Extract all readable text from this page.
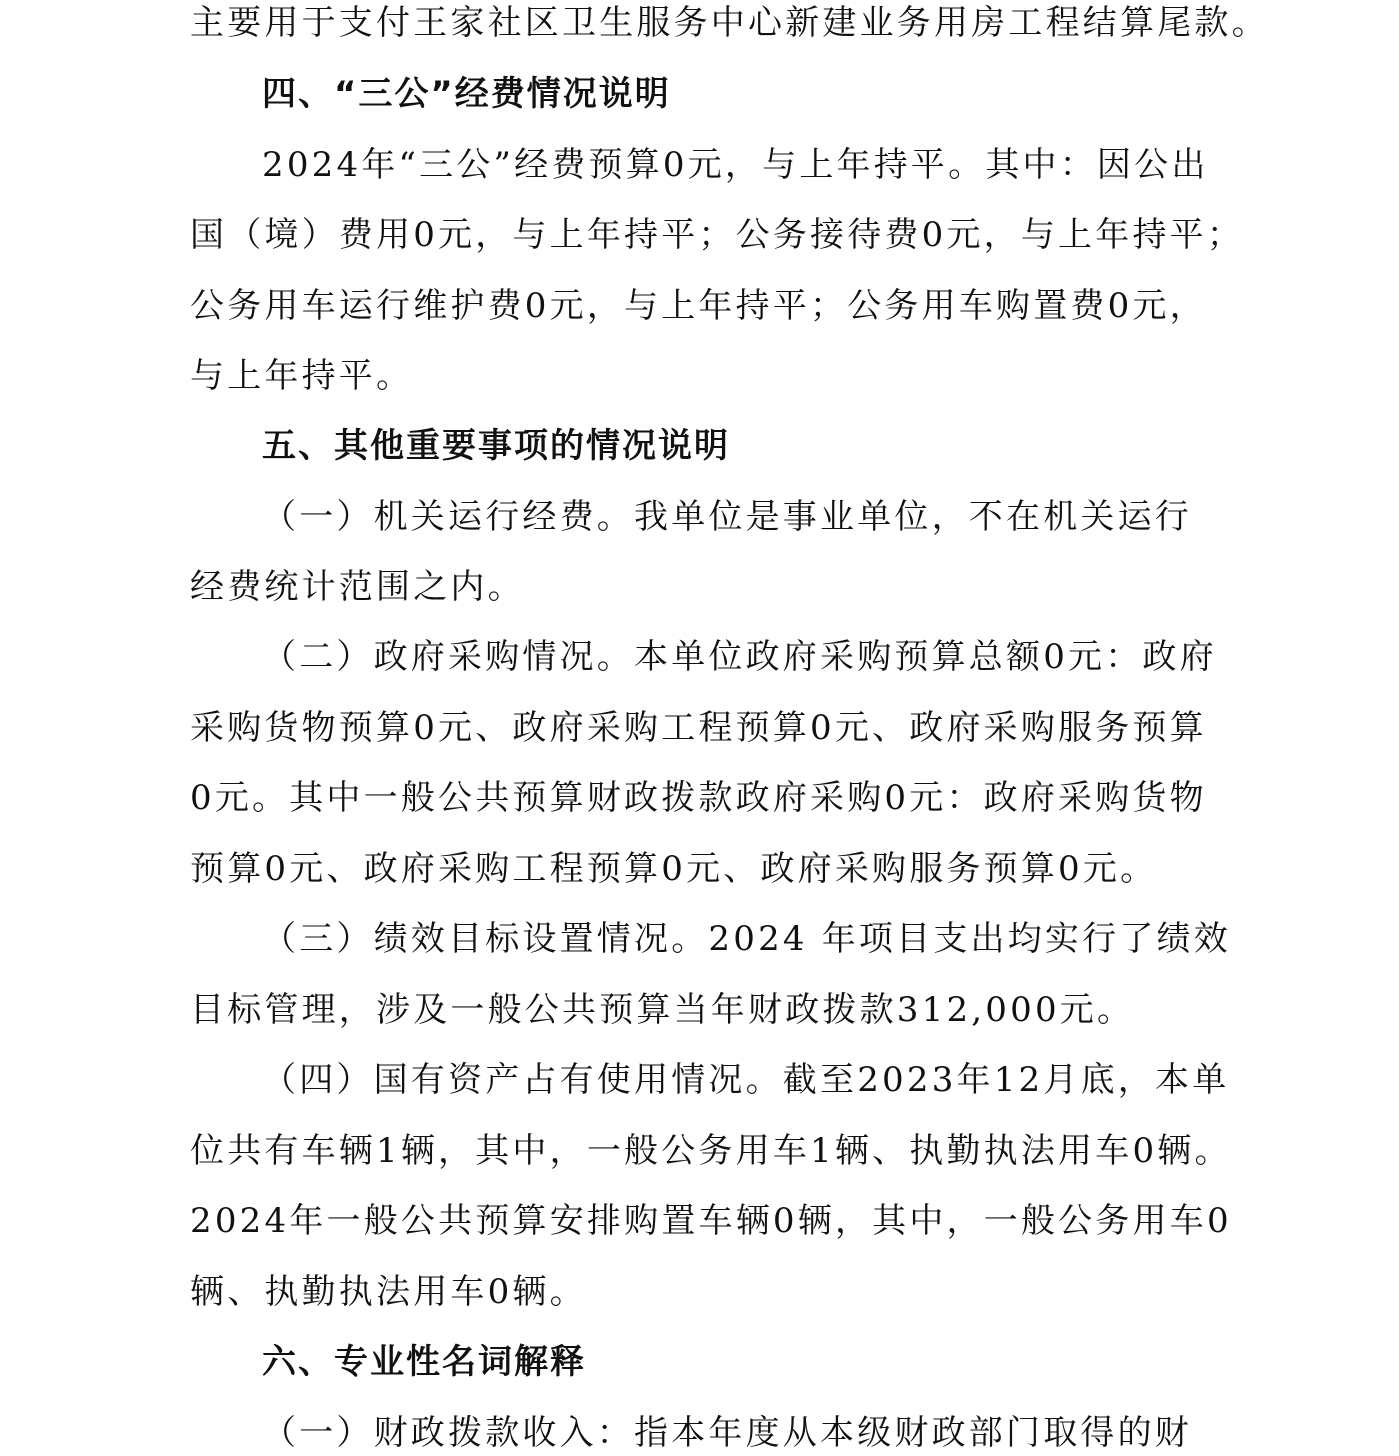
主要用于支付王家社区卫生服务中心新建业务用房工程结算尾款。
四、“三公”经费情况说明
2024年“三公”经费预算0元，与上年持平。其中：因公出
国（境）费用0元，与上年持平；公务接待费0元，与上年持平；
公务用车运行维护费0元，与上年持平；公务用车购置费0元，
与上年持平。
五、其他重要事项的情况说明
（一）机关运行经费。我单位是事业单位，不在机关运行
经费统计范围之内。
（二）政府采购情况。本单位政府采购预算总额0元：政府
采购货物预算0元、政府采购工程预算0元、政府采购服务预算
0元。其中一般公共预算财政拨款政府采购0元：政府采购货物
预算0元、政府采购工程预算0元、政府采购服务预算0元。
（三）绩效目标设置情况。2024 年项目支出均实行了绩效
目标管理，涉及一般公共预算当年财政拨款312,000元。
（四）国有资产占有使用情况。截至2023年12月底，本单
位共有车辆1辆，其中，一般公务用车1辆、执勤执法用车0辆。
2024年一般公共预算安排购置车辆0辆，其中，一般公务用车0
辆、执勤执法用车0辆。
六、专业性名词解释
（一）财政拨款收入：指本年度从本级财政部门取得的财
